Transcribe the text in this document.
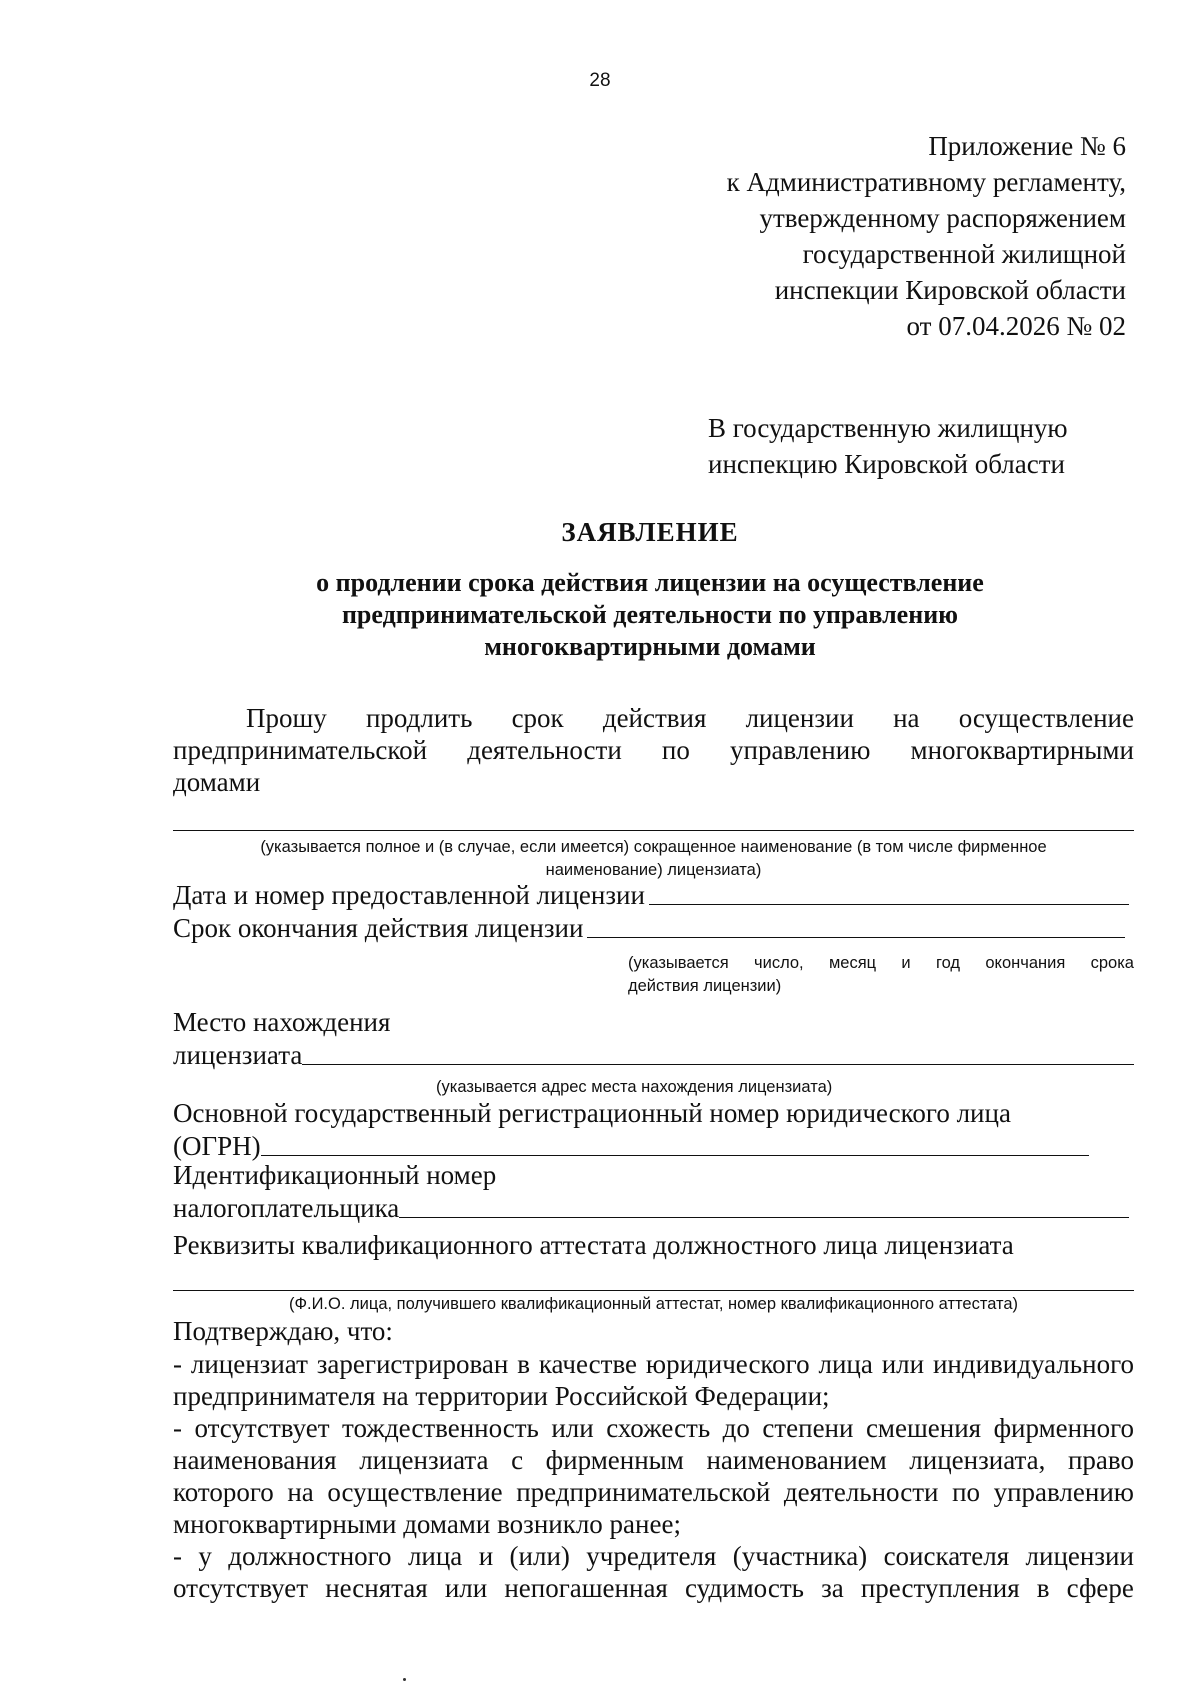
28
Приложение № 6
к Административному регламенту,
утвержденному распоряжением
государственной жилищной
инспекции Кировской области
от 07.04.2026 № 02
В государственную жилищную
инспекцию Кировской области
ЗАЯВЛЕНИЕ
о продлении срока действия лицензии на осуществление
предпринимательской деятельности по управлению
многоквартирными домами
Прошу продлить срок действия лицензии на осуществление
предпринимательской деятельности по управлению многоквартирными
домами
(указывается полное и (в случае, если имеется) сокращенное наименование (в том числе фирменное
наименование) лицензиата)
Дата и номер предоставленной лицензии
Срок окончания действия лицензии
(указывается число, месяц и год окончания срока
действия лицензии)
Место нахождения
лицензиата
(указывается адрес места нахождения лицензиата)
Основной государственный регистрационный номер юридического лица
(ОГРН)
Идентификационный номер
налогоплательщика
Реквизиты квалификационного аттестата должностного лица лицензиата
(Ф.И.О. лица, получившего квалификационный аттестат, номер квалификационного аттестата)
Подтверждаю, что:
- лицензиат зарегистрирован в качестве юридического лица или индивидуального
предпринимателя на территории Российской Федерации;
- отсутствует тождественность или схожесть до степени смешения фирменного
наименования лицензиата с фирменным наименованием лицензиата, право
которого на осуществление предпринимательской деятельности по управлению
многоквартирными домами возникло ранее;
- у должностного лица и (или) учредителя (участника) соискателя лицензии
отсутствует неснятая или непогашенная судимость за преступления в сфере
